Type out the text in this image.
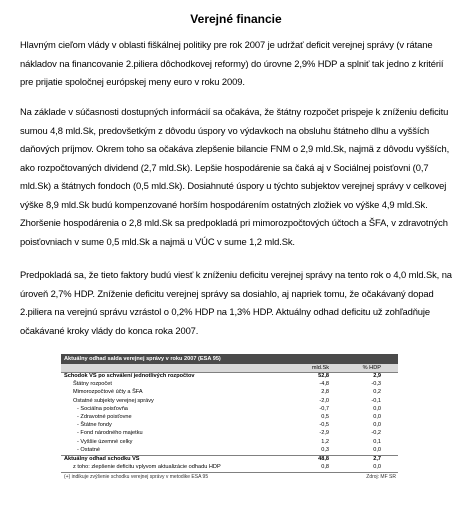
Verejné financie
Hlavným cieľom vlády v oblasti fiškálnej politiky pre rok 2007 je udržať deficit verejnej správy (v rátane
nákladov na financovanie 2.piliera dôchodkovej reformy) do úrovne 2,9% HDP a splniť tak jedno z kritérií
pre prijatie spoločnej európskej meny euro v roku 2009.
Na základe v súčasnosti dostupných informácií sa očakáva, že štátny rozpočet prispeje k zníženiu deficitu
sumou 4,8 mld.Sk, predovšetkým z dôvodu úspory vo výdavkoch na obsluhu štátneho dlhu a vyšších
daňových príjmov. Okrem toho sa očakáva zlepšenie bilancie FNM o 2,9 mld.Sk, najmä z dôvodu vyšších,
ako rozpočtovaných dividend (2,7 mld.Sk). Lepšie hospodárenie sa čaká aj v Sociálnej poisťovni (0,7
mld.Sk) a štátnych fondoch (0,5 mld.Sk). Dosiahnuté úspory u týchto subjektov verejnej správy v celkovej
výške 8,9 mld.Sk budú kompenzované horším hospodárením ostatných zložiek vo výške 4,9 mld.Sk.
Zhoršenie hospodárenia o 2,8 mld.Sk sa predpokladá pri mimorozpočtových účtoch a ŠFA, v zdravotných
poisťovniach v sume 0,5 mld.Sk a najmä u VÚC v sume 1,2 mld.Sk.
Predpokladá sa, že tieto faktory budú viesť k zníženiu deficitu verejnej správy na tento rok o 4,0 mld.Sk, na
úroveň 2,7% HDP. Zníženie deficitu verejnej správy sa dosiahlo, aj napriek tomu, že očakávaný dopad
2.piliera na verejnú správu vzrástol o 0,2% HDP na 1,3% HDP. Aktuálny odhad deficitu už zohľadňuje
očakávané kroky vlády do konca roka 2007.
Aktuálny odhad salda verejnej správy v roku 2007 (ESA 95)
mld.Sk	% HDP
Schodok VS po schválení jednotlivých rozpočtov	52,8	2,9
Štátny rozpočet	-4,8	-0,3
Mimorozpočtové účty a ŠFA	2,8	0,2
Ostatné subjekty verejnej správy	-2,0	-0,1
- Sociálna poisťovňa	-0,7	0,0
- Zdravotné poisťovne	0,5	0,0
- Štátne fondy	-0,5	0,0
- Fond národného majetku	-2,9	-0,2
- Vyššie územné celky	1,2	0,1
- Ostatné	0,3	0,0
Aktuálny odhad schodku VS	48,8	2,7
z toho: zlepšenie deficitu vplyvom aktualizácie odhadu HDP	0,8	0,0
(+) indikuje zvýšenie schodku verejnej správy v metodike ESA 95	Zdroj: MF SR
